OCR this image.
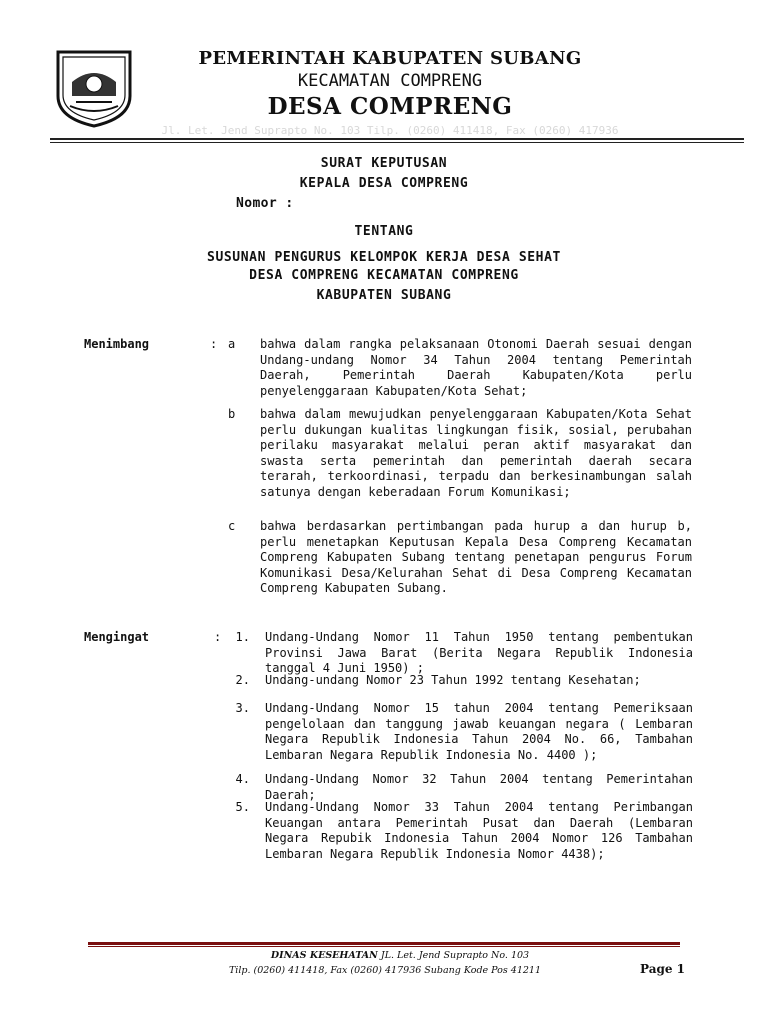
PEMERINTAH KABUPATEN SUBANG
KECAMATAN COMPRENG
DESA COMPRENG
Jl. Let. Jend Suprapto No. 103 Tilp. (0260) 411418, Fax (0260) 417936
SURAT KEPUTUSAN
KEPALA DESA COMPRENG
Nomor :
TENTANG
SUSUNAN PENGURUS KELOMPOK KERJA DESA SEHAT
DESA COMPRENG KECAMATAN COMPRENG
KABUPATEN SUBANG
Menimbang	: a bahwa dalam rangka pelaksanaan Otonomi Daerah sesuai dengan Undang-undang Nomor 34 Tahun 2004 tentang Pemerintah Daerah, Pemerintah Daerah Kabupaten/Kota perlu penyelenggaraan Kabupaten/Kota Sehat;
b bahwa dalam mewujudkan penyelenggaraan Kabupaten/Kota Sehat perlu dukungan kualitas lingkungan fisik, sosial, perubahan perilaku masyarakat melalui peran aktif masyarakat dan swasta serta pemerintah dan pemerintah daerah secara terarah, terkoordinasi, terpadu dan berkesinambungan salah satunya dengan keberadaan Forum Komunikasi;
c bahwa berdasarkan pertimbangan pada hurup a dan hurup b, perlu menetapkan Keputusan Kepala Desa Compreng Kecamatan Compreng Kabupaten Subang tentang penetapan pengurus Forum Komunikasi Desa/Kelurahan Sehat di Desa Compreng Kecamatan Compreng Kabupaten Subang.
Mengingat	: 1. Undang-Undang Nomor 11 Tahun 1950 tentang pembentukan Provinsi Jawa Barat (Berita Negara Republik Indonesia tanggal 4 Juni 1950) ;
2. Undang-undang Nomor 23 Tahun 1992 tentang Kesehatan;
3. Undang-Undang Nomor 15 tahun 2004 tentang Pemeriksaan pengelolaan dan tanggung jawab keuangan negara ( Lembaran Negara Republik Indonesia Tahun 2004 No. 66, Tambahan Lembaran Negara Republik Indonesia No. 4400 );
4. Undang-Undang Nomor 32 Tahun 2004 tentang Pemerintahan Daerah;
5. Undang-Undang Nomor 33 Tahun 2004 tentang Perimbangan Keuangan antara Pemerintah Pusat dan Daerah (Lembaran Negara Repubik Indonesia Tahun 2004 Nomor 126 Tambahan Lembaran Negara Republik Indonesia Nomor 4438);
DINAS KESEHATAN JL. Let. Jend Suprapto No. 103
Tilp. (0260) 411418, Fax (0260) 417936 Subang Kode Pos 41211	Page 1
